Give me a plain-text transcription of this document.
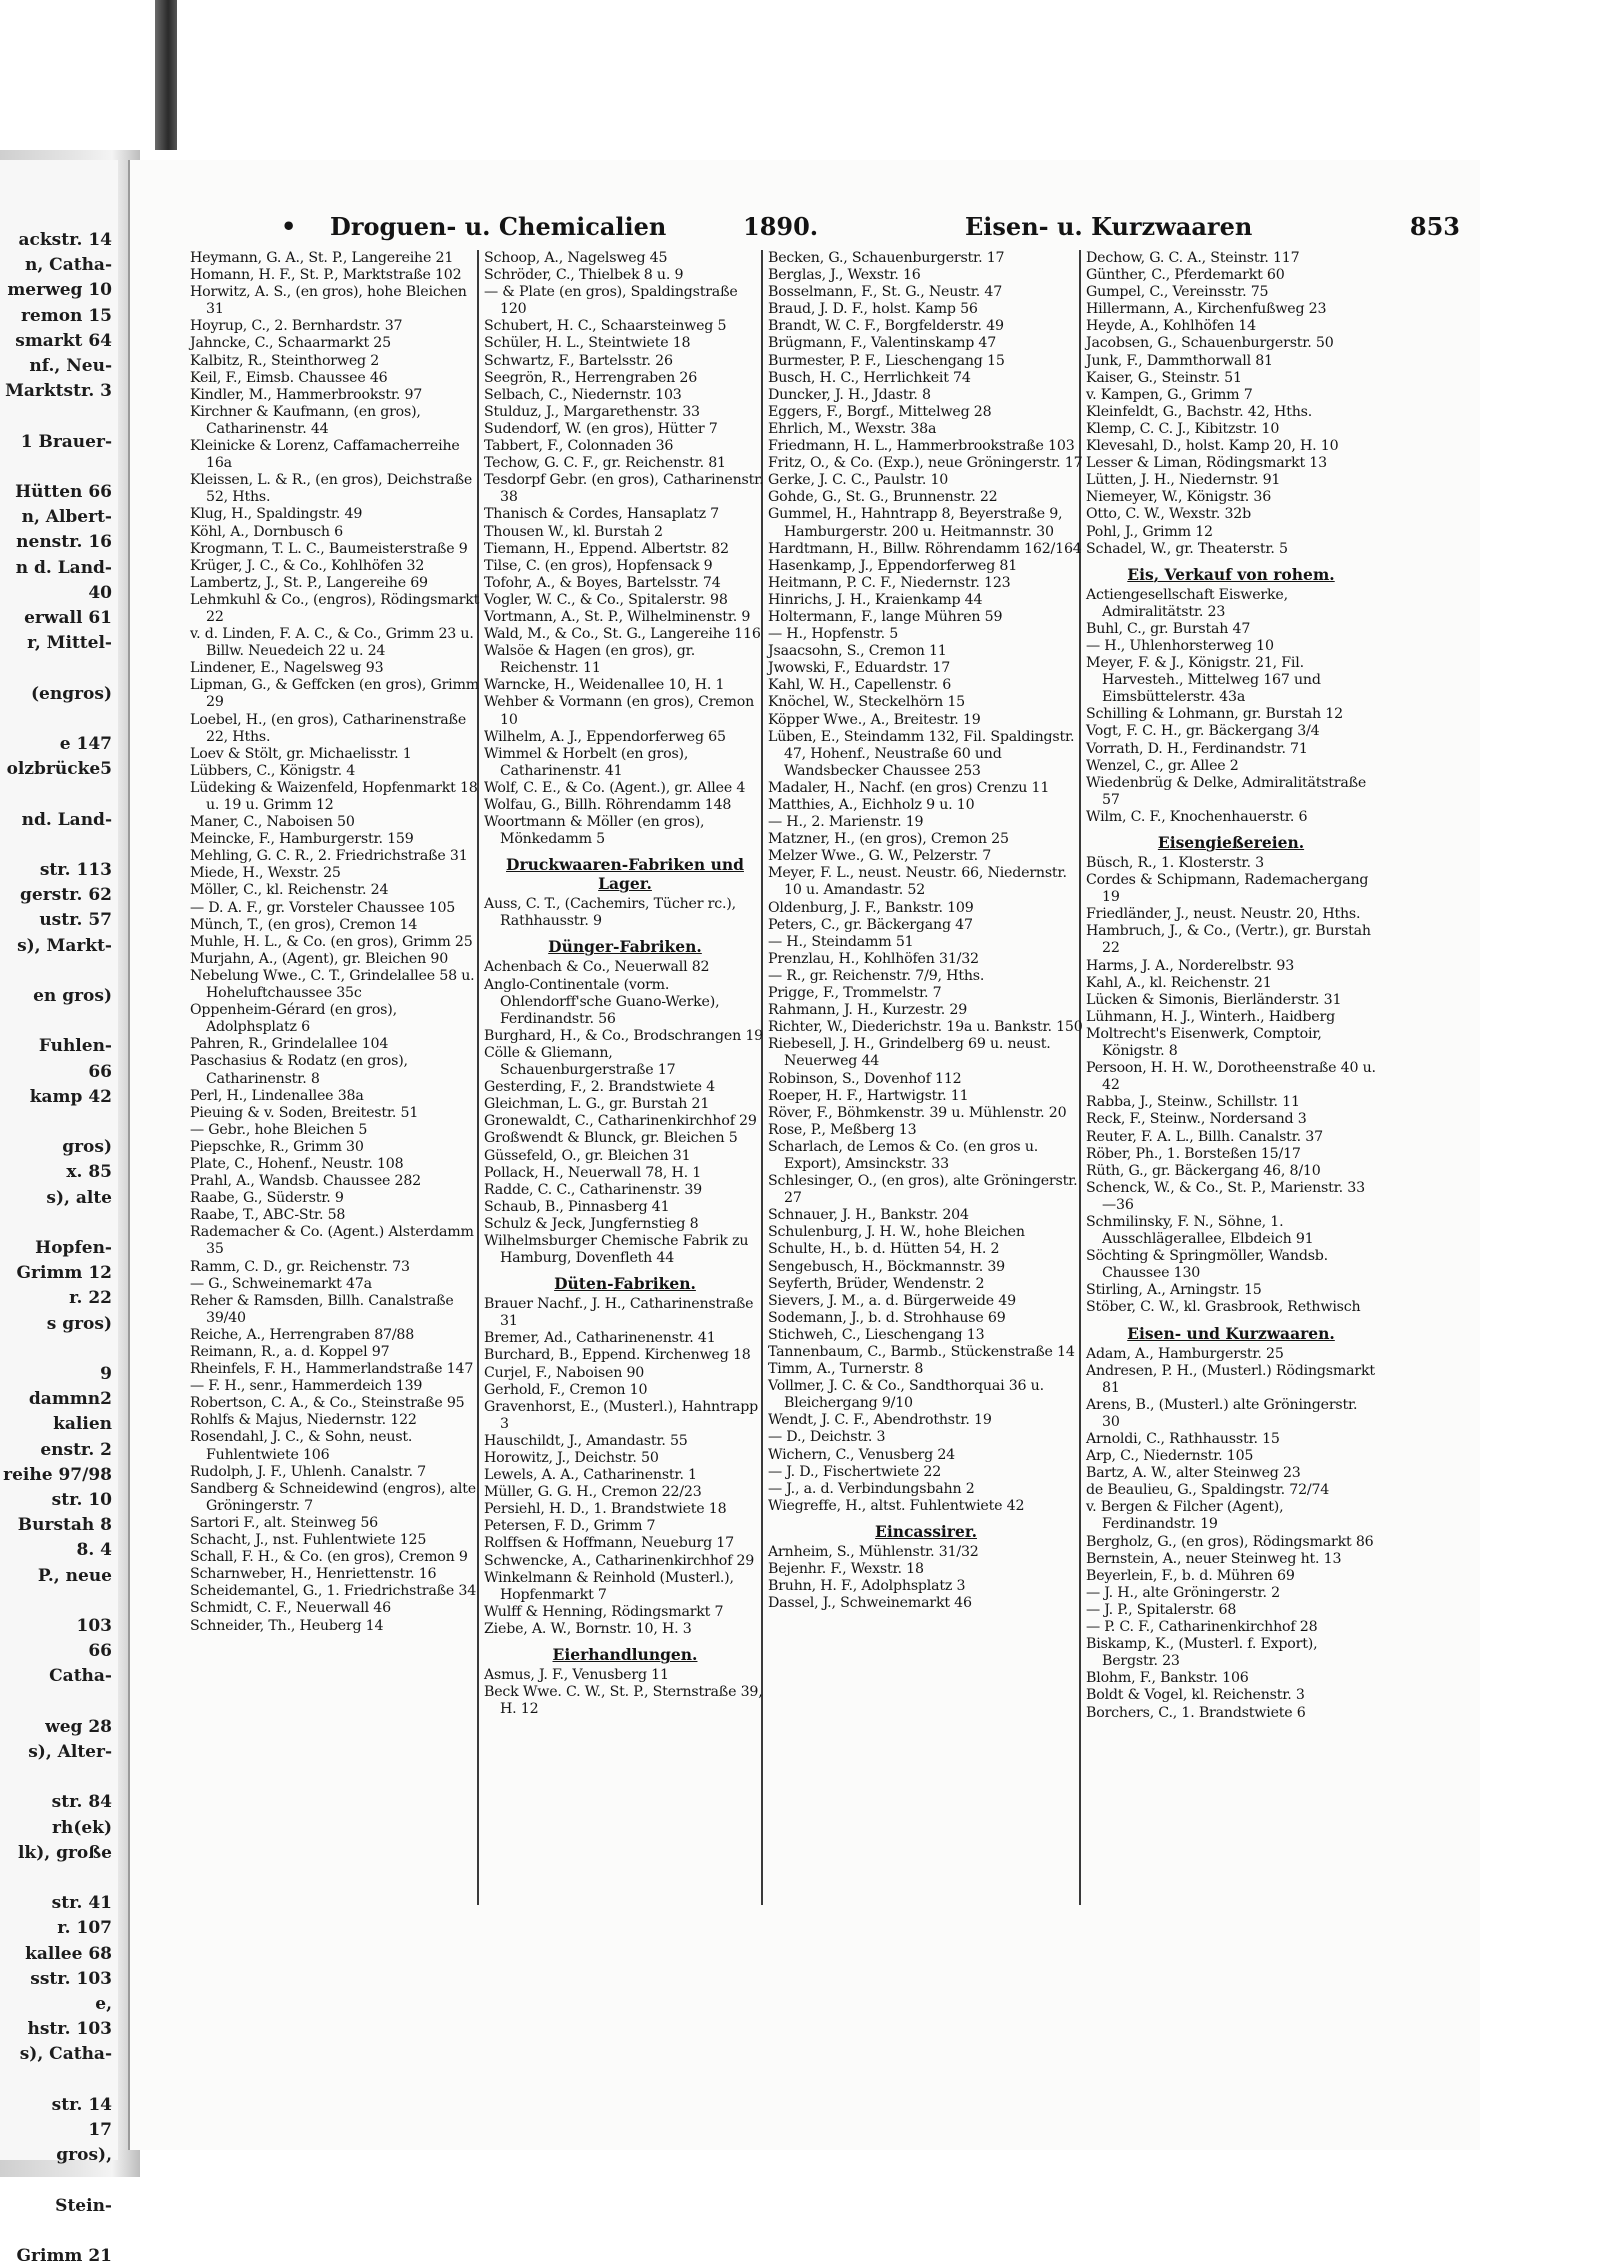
ackstr. 14
n, Catha-
merweg 10
remon 15
smarkt 64
nf., Neu-
Marktstr. 3
1 Brauer-
Hütten 66
n, Albert-
nenstr. 16
n d. Land-
40
erwall 61
r, Mittel-
(engros)
e 147
olzbrücke5
nd. Land-
str. 113
gerstr. 62
ustr. 57
s), Markt-
en gros)
Fuhlen-
66
kamp 42
gros)
x. 85
s), alte
Hopfen-
Grimm 12
r. 22
s gros)
9
dammn2
kalien
enstr. 2
reihe 97/98
str. 10
Burstah 8
8. 4
P., neue
103
66
Catha-
weg 28
s), Alter-
str. 84
rh(ek)
lk), große
str. 41
r. 107
kallee 68
sstr. 103
e,
hstr. 103
s), Catha-
str. 14
17
gros),
Stein-
Grimm 21
• Droguen- u. Chemicalien	1890.	Eisen- u. Kurzwaaren	853

Heymann, G. A., St. P., Langereihe 21

Homann, H. F., St. P., Marktstraße 102

Horwitz, A. S., (en gros), hohe Bleichen 31

Hoyrup, C., 2. Bernhardstr. 37

Jahncke, C., Schaarmarkt 25

Kalbitz, R., Steinthorweg 2

Keil, F., Eimsb. Chaussee 46

Kindler, M., Hammerbrookstr. 97

Kirchner & Kaufmann, (en gros), Catharinenstr. 44

Kleinicke & Lorenz, Caffamacherreihe 16a

Kleissen, L. & R., (en gros), Deichstraße 52, Hths.

Klug, H., Spaldingstr. 49

Köhl, A., Dornbusch 6

Krogmann, T. L. C., Baumeisterstraße 9

Krüger, J. C., & Co., Kohlhöfen 32

Lambertz, J., St. P., Langereihe 69

Lehmkuhl & Co., (engros), Rödingsmarkt 22

v. d. Linden, F. A. C., & Co., Grimm 23 u. Billw. Neuedeich 22 u. 24

Lindener, E., Nagelsweg 93

Lipman, G., & Geffcken (en gros), Grimm 29

Loebel, H., (en gros), Catharinenstraße 22, Hths.

Loev & Stölt, gr. Michaelisstr. 1

Lübbers, C., Königstr. 4

Lüdeking & Waizenfeld, Hopfenmarkt 18 u. 19 u. Grimm 12

Maner, C., Naboisen 50

Meincke, F., Hamburgerstr. 159

Mehling, G. C. R., 2. Friedrichstraße 31

Miede, H., Wexstr. 25

Möller, C., kl. Reichenstr. 24

— D. A. F., gr. Vorsteler Chaussee 105

Münch, T., (en gros), Cremon 14

Muhle, H. L., & Co. (en gros), Grimm 25

Murjahn, A., (Agent), gr. Bleichen 90

Nebelung Wwe., C. T., Grindelallee 58 u. Hoheluftchaussee 35c

Oppenheim-Gérard (en gros), Adolphsplatz 6

Pahren, R., Grindelallee 104

Paschasius & Rodatz (en gros), Catharinenstr. 8

Perl, H., Lindenallee 38a

Pieuing & v. Soden, Breitestr. 51

— Gebr., hohe Bleichen 5

Piepschke, R., Grimm 30

Plate, C., Hohenf., Neustr. 108

Prahl, A., Wandsb. Chaussee 282

Raabe, G., Süderstr. 9

Raabe, T., ABC-Str. 58

Rademacher & Co. (Agent.) Alsterdamm 35

Ramm, C. D., gr. Reichenstr. 73

— G., Schweinemarkt 47a

Reher & Ramsden, Billh. Canalstraße 39/40

Reiche, A., Herrengraben 87/88

Reimann, R., a. d. Koppel 97

Rheinfels, F. H., Hammerlandstraße 147

— F. H., senr., Hammerdeich 139

Robertson, C. A., & Co., Steinstraße 95

Rohlfs & Majus, Niedernstr. 122

Rosendahl, J. C., & Sohn, neust. Fuhlentwiete 106

Rudolph, J. F., Uhlenh. Canalstr. 7

Sandberg & Schneidewind (engros), alte Gröningerstr. 7

Sartori F., alt. Steinweg 56

Schacht, J., nst. Fuhlentwiete 125

Schall, F. H., & Co. (en gros), Cremon 9

Scharnweber, H., Henriettenstr. 16

Scheidemantel, G., 1. Friedrichstraße 34

Schmidt, C. F., Neuerwall 46

Schneider, Th., Heuberg 14

Schoop, A., Nagelsweg 45

Schröder, C., Thielbek 8 u. 9

— & Plate (en gros), Spaldingstraße 120

Schubert, H. C., Schaarsteinweg 5

Schüler, H. L., Steintwiete 18

Schwartz, F., Bartelsstr. 26

Seegrön, R., Herrengraben 26

Selbach, C., Niedernstr. 103

Stulduz, J., Margarethenstr. 33

Sudendorf, W. (en gros), Hütter 7

Tabbert, F., Colonnaden 36

Techow, G. C. F., gr. Reichenstr. 81

Tesdorpf Gebr. (en gros), Catharinenstr. 38

Thanisch & Cordes, Hansaplatz 7

Thousen W., kl. Burstah 2

Tiemann, H., Eppend. Albertstr. 82

Tilse, C. (en gros), Hopfensack 9

Tofohr, A., & Boyes, Bartelsstr. 74

Vogler, W. C., & Co., Spitalerstr. 98

Vortmann, A., St. P., Wilhelminenstr. 9

Wald, M., & Co., St. G., Langereihe 116

Walsöe & Hagen (en gros), gr. Reichenstr. 11

Warncke, H., Weidenallee 10, H. 1

Wehber & Vormann (en gros), Cremon 10

Wilhelm, A. J., Eppendorferweg 65

Wimmel & Horbelt (en gros), Catharinenstr. 41

Wolf, C. E., & Co. (Agent.), gr. Allee 4

Wolfau, G., Billh. Röhrendamm 148

Woortmann & Möller (en gros), Mönkedamm 5

Druckwaaren-Fabriken und Lager.

Auss, C. T., (Cachemirs, Tücher rc.), Rathhausstr. 9

Dünger-Fabriken.

Achenbach & Co., Neuerwall 82

Anglo-Continentale (vorm. Ohlendorff'sche Guano-Werke), Ferdinandstr. 56

Burghard, H., & Co., Brodschrangen 19

Cölle & Gliemann, Schauenburgerstraße 17

Gesterding, F., 2. Brandstwiete 4

Gleichman, L. G., gr. Burstah 21

Gronewaldt, C., Catharinenkirchhof 29

Großwendt & Blunck, gr. Bleichen 5

Güssefeld, O., gr. Bleichen 31

Pollack, H., Neuerwall 78, H. 1

Radde, C. C., Catharinenstr. 39

Schaub, B., Pinnasberg 41

Schulz & Jeck, Jungfernstieg 8

Wilhelmsburger Chemische Fabrik zu Hamburg, Dovenfleth 44

Düten-Fabriken.

Brauer Nachf., J. H., Catharinenstraße 31

Bremer, Ad., Catharinenenstr. 41

Burchard, B., Eppend. Kirchenweg 18

Curjel, F., Naboisen 90

Gerhold, F., Cremon 10

Gravenhorst, E., (Musterl.), Hahntrapp 3

Hauschildt, J., Amandastr. 55

Horowitz, J., Deichstr. 50

Lewels, A. A., Catharinenstr. 1

Müller, G. G. H., Cremon 22/23

Persiehl, H. D., 1. Brandstwiete 18

Petersen, F. D., Grimm 7

Rolffsen & Hoffmann, Neueburg 17

Schwencke, A., Catharinenkirchhof 29

Winkelmann & Reinhold (Musterl.), Hopfenmarkt 7

Wulff & Henning, Rödingsmarkt 7

Ziebe, A. W., Bornstr. 10, H. 3

Eierhandlungen.

Asmus, J. F., Venusberg 11

Beck Wwe. C. W., St. P., Sternstraße 39, H. 12

Becken, G., Schauenburgerstr. 17

Berglas, J., Wexstr. 16

Bosselmann, F., St. G., Neustr. 47

Braud, J. D. F., holst. Kamp 56

Brandt, W. C. F., Borgfelderstr. 49

Brügmann, F., Valentinskamp 47

Burmester, P. F., Lieschengang 15

Busch, H. C., Herrlichkeit 74

Duncker, J. H., Jdastr. 8

Eggers, F., Borgf., Mittelweg 28

Ehrlich, M., Wexstr. 38a

Friedmann, H. L., Hammerbrookstraße 103

Fritz, O., & Co. (Exp.), neue Gröningerstr. 17

Gerke, J. C. C., Paulstr. 10

Gohde, G., St. G., Brunnenstr. 22

Gummel, H., Hahntrapp 8, Beyerstraße 9, Hamburgerstr. 200 u. Heitmannstr. 30

Hardtmann, H., Billw. Röhrendamm 162/164

Hasenkamp, J., Eppendorferweg 81

Heitmann, P. C. F., Niedernstr. 123

Hinrichs, J. H., Kraienkamp 44

Holtermann, F., lange Mühren 59

— H., Hopfenstr. 5

Jsaacsohn, S., Cremon 11

Jwowski, F., Eduardstr. 17

Kahl, W. H., Capellenstr. 6

Knöchel, W., Steckelhörn 15

Köpper Wwe., A., Breitestr. 19

Lüben, E., Steindamm 132, Fil. Spaldingstr. 47, Hohenf., Neustraße 60 und Wandsbecker Chaussee 253

Madaler, H., Nachf. (en gros) Crenzu 11

Matthies, A., Eichholz 9 u. 10

— H., 2. Marienstr. 19

Matzner, H., (en gros), Cremon 25

Melzer Wwe., G. W., Pelzerstr. 7

Meyer, F. L., neust. Neustr. 66, Niedernstr. 10 u. Amandastr. 52

Oldenburg, J. F., Bankstr. 109

Peters, C., gr. Bäckergang 47

— H., Steindamm 51

Prenzlau, H., Kohlhöfen 31/32

— R., gr. Reichenstr. 7/9, Hths.

Prigge, F., Trommelstr. 7

Rahmann, J. H., Kurzestr. 29

Richter, W., Diederichstr. 19a u. Bankstr. 150

Riebesell, J. H., Grindelberg 69 u. neust. Neuerweg 44

Robinson, S., Dovenhof 112

Roeper, H. F., Hartwigstr. 11

Röver, F., Böhmkenstr. 39 u. Mühlenstr. 20

Rose, P., Meßberg 13

Scharlach, de Lemos & Co. (en gros u. Export), Amsinckstr. 33

Schlesinger, O., (en gros), alte Gröningerstr. 27

Schnauer, J. H., Bankstr. 204

Schulenburg, J. H. W., hohe Bleichen

Schulte, H., b. d. Hütten 54, H. 2

Sengebusch, H., Böckmannstr. 39

Seyferth, Brüder, Wendenstr. 2

Sievers, J. M., a. d. Bürgerweide 49

Sodemann, J., b. d. Strohhause 69

Stichweh, C., Lieschengang 13

Tannenbaum, C., Barmb., Stückenstraße 14

Timm, A., Turnerstr. 8

Vollmer, J. C. & Co., Sandthorquai 36 u. Bleichergang 9/10

Wendt, J. C. F., Abendrothstr. 19

— D., Deichstr. 3

Wichern, C., Venusberg 24

— J. D., Fischertwiete 22

— J., a. d. Verbindungsbahn 2

Wiegreffe, H., altst. Fuhlentwiete 42

Eincassirer.

Arnheim, S., Mühlenstr. 31/32

Bejenhr. F., Wexstr. 18

Bruhn, H. F., Adolphsplatz 3

Dassel, J., Schweinemarkt 46

Dechow, G. C. A., Steinstr. 117

Günther, C., Pferdemarkt 60

Gumpel, C., Vereinsstr. 75

Hillermann, A., Kirchenfußweg 23

Heyde, A., Kohlhöfen 14

Jacobsen, G., Schauenburgerstr. 50

Junk, F., Dammthorwall 81

Kaiser, G., Steinstr. 51

v. Kampen, G., Grimm 7

Kleinfeldt, G., Bachstr. 42, Hths.

Klemp, C. C. J., Kibitzstr. 10

Klevesahl, D., holst. Kamp 20, H. 10

Lesser & Liman, Rödingsmarkt 13

Lütten, J. H., Niedernstr. 91

Niemeyer, W., Königstr. 36

Otto, C. W., Wexstr. 32b

Pohl, J., Grimm 12

Schadel, W., gr. Theaterstr. 5

Eis, Verkauf von rohem.

Actiengesellschaft Eiswerke, Admiralitätstr. 23

Buhl, C., gr. Burstah 47

— H., Uhlenhorsterweg 10

Meyer, F. & J., Königstr. 21, Fil. Harvestеh., Mittelweg 167 und Eimsbüttelerstr. 43a

Schilling & Lohmann, gr. Burstah 12

Vogt, F. C. H., gr. Bäckergang 3/4

Vorrath, D. H., Ferdinandstr. 71

Wenzel, C., gr. Allee 2

Wiedenbrüg & Delke, Admiralitätstraße 57

Wilm, C. F., Knochenhauerstr. 6

Eisengießereien.

Büsch, R., 1. Klosterstr. 3

Cordes & Schipmann, Rademachergang 19

Friedländer, J., neust. Neustr. 20, Hths.

Hambruch, J., & Co., (Vertr.), gr. Burstah 22

Harms, J. A., Norderelbstr. 93

Kahl, A., kl. Reichenstr. 21

Lücken & Simonis, Bierländerstr. 31

Lühmann, H. J., Winterh., Haidberg

Moltrecht's Eisenwerk, Comptoir, Königstr. 8

Persoon, H. H. W., Dorotheenstraße 40 u. 42

Rabba, J., Steinw., Schillstr. 11

Reck, F., Steinw., Nordersand 3

Reuter, F. A. L., Billh. Canalstr. 37

Röber, Ph., 1. Borsteßen 15/17

Rüth, G., gr. Bäckergang 46, 8/10

Schenck, W., & Co., St. P., Marienstr. 33—36

Schmilinsky, F. N., Söhne, 1. Ausschlägerallee, Elbdeich 91

Söchting & Springmöller, Wandsb. Chaussee 130

Stirling, A., Arningstr. 15

Stöber, C. W., kl. Grasbrook, Rethwisch

Eisen- und Kurzwaaren.

Adam, A., Hamburgerstr. 25

Andresen, P. H., (Musterl.) Rödingsmarkt 81

Arens, B., (Musterl.) alte Gröningerstr. 30

Arnoldi, C., Rathhausstr. 15

Arp, C., Niedernstr. 105

Bartz, A. W., alter Steinweg 23

de Beaulieu, G., Spaldingstr. 72/74

v. Bergen & Filcher (Agent), Ferdinandstr. 19

Bergholz, G., (en gros), Rödingsmarkt 86

Bernstein, A., neuer Steinweg ht. 13

Beyerlein, F., b. d. Mühren 69

— J. H., alte Gröningerstr. 2

— J. P., Spitalerstr. 68

— P. C. F., Catharinenkirchhof 28

Biskamp, K., (Musterl. f. Export), Bergstr. 23

Blohm, F., Bankstr. 106

Boldt & Vogel, kl. Reichenstr. 3

Borchers, C., 1. Brandstwiete 6
